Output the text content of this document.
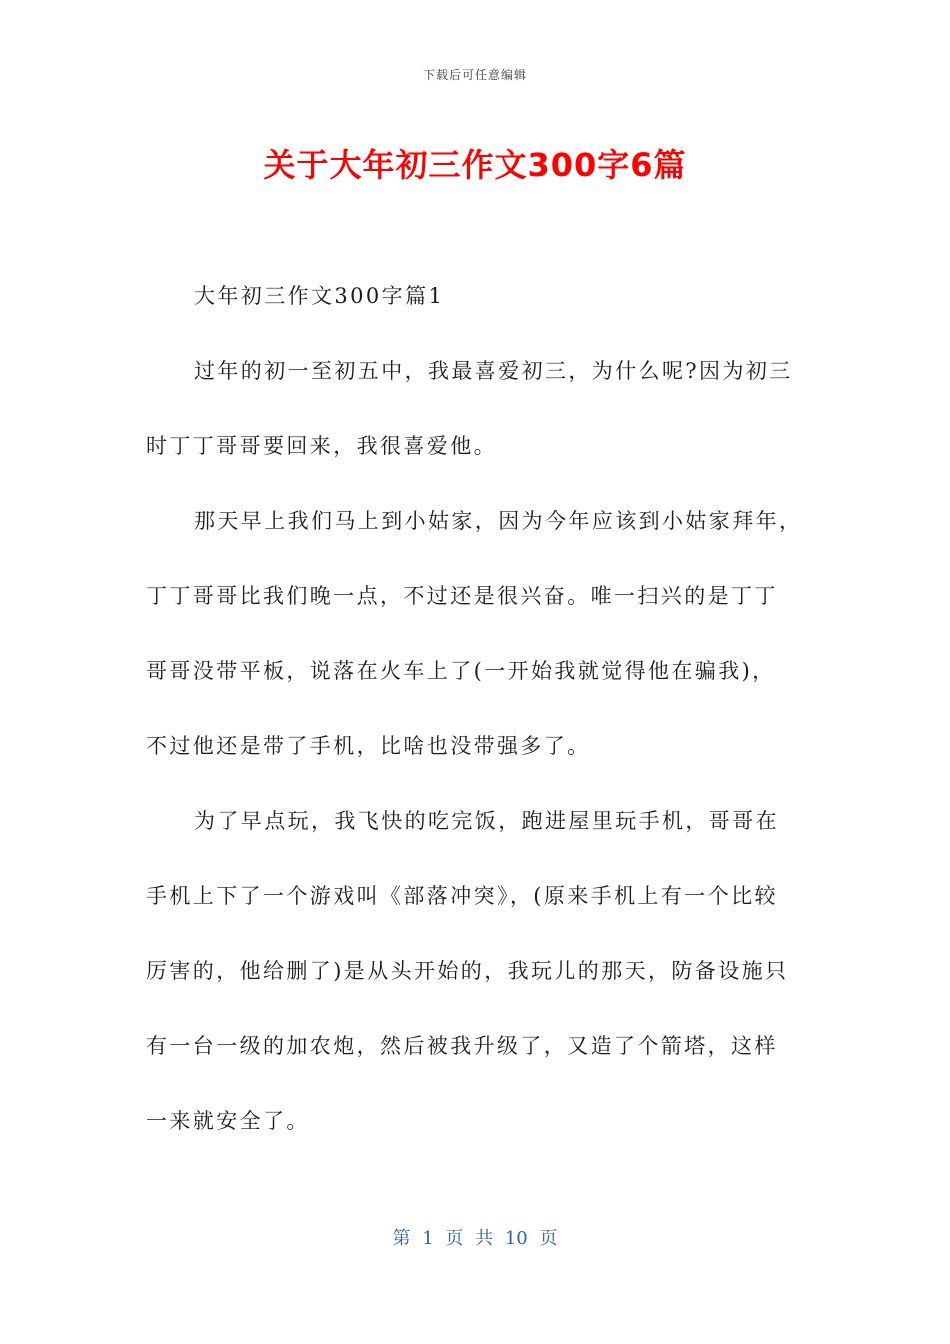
下载后可任意编辑
关于大年初三作文300字6篇
大年初三作文300字篇1
过年的初一至初五中，我最喜爱初三，为什么呢?因为初三
时丁丁哥哥要回来，我很喜爱他。
那天早上我们马上到小姑家，因为今年应该到小姑家拜年，
丁丁哥哥比我们晚一点，不过还是很兴奋。唯一扫兴的是丁丁
哥哥没带平板，说落在火车上了(一开始我就觉得他在骗我)，
不过他还是带了手机，比啥也没带强多了。
为了早点玩，我飞快的吃完饭，跑进屋里玩手机，哥哥在
手机上下了一个游戏叫《部落冲突》，(原来手机上有一个比较
厉害的，他给删了)是从头开始的，我玩儿的那天，防备设施只
有一台一级的加农炮，然后被我升级了，又造了个箭塔，这样
一来就安全了。
第 1 页 共 10 页
